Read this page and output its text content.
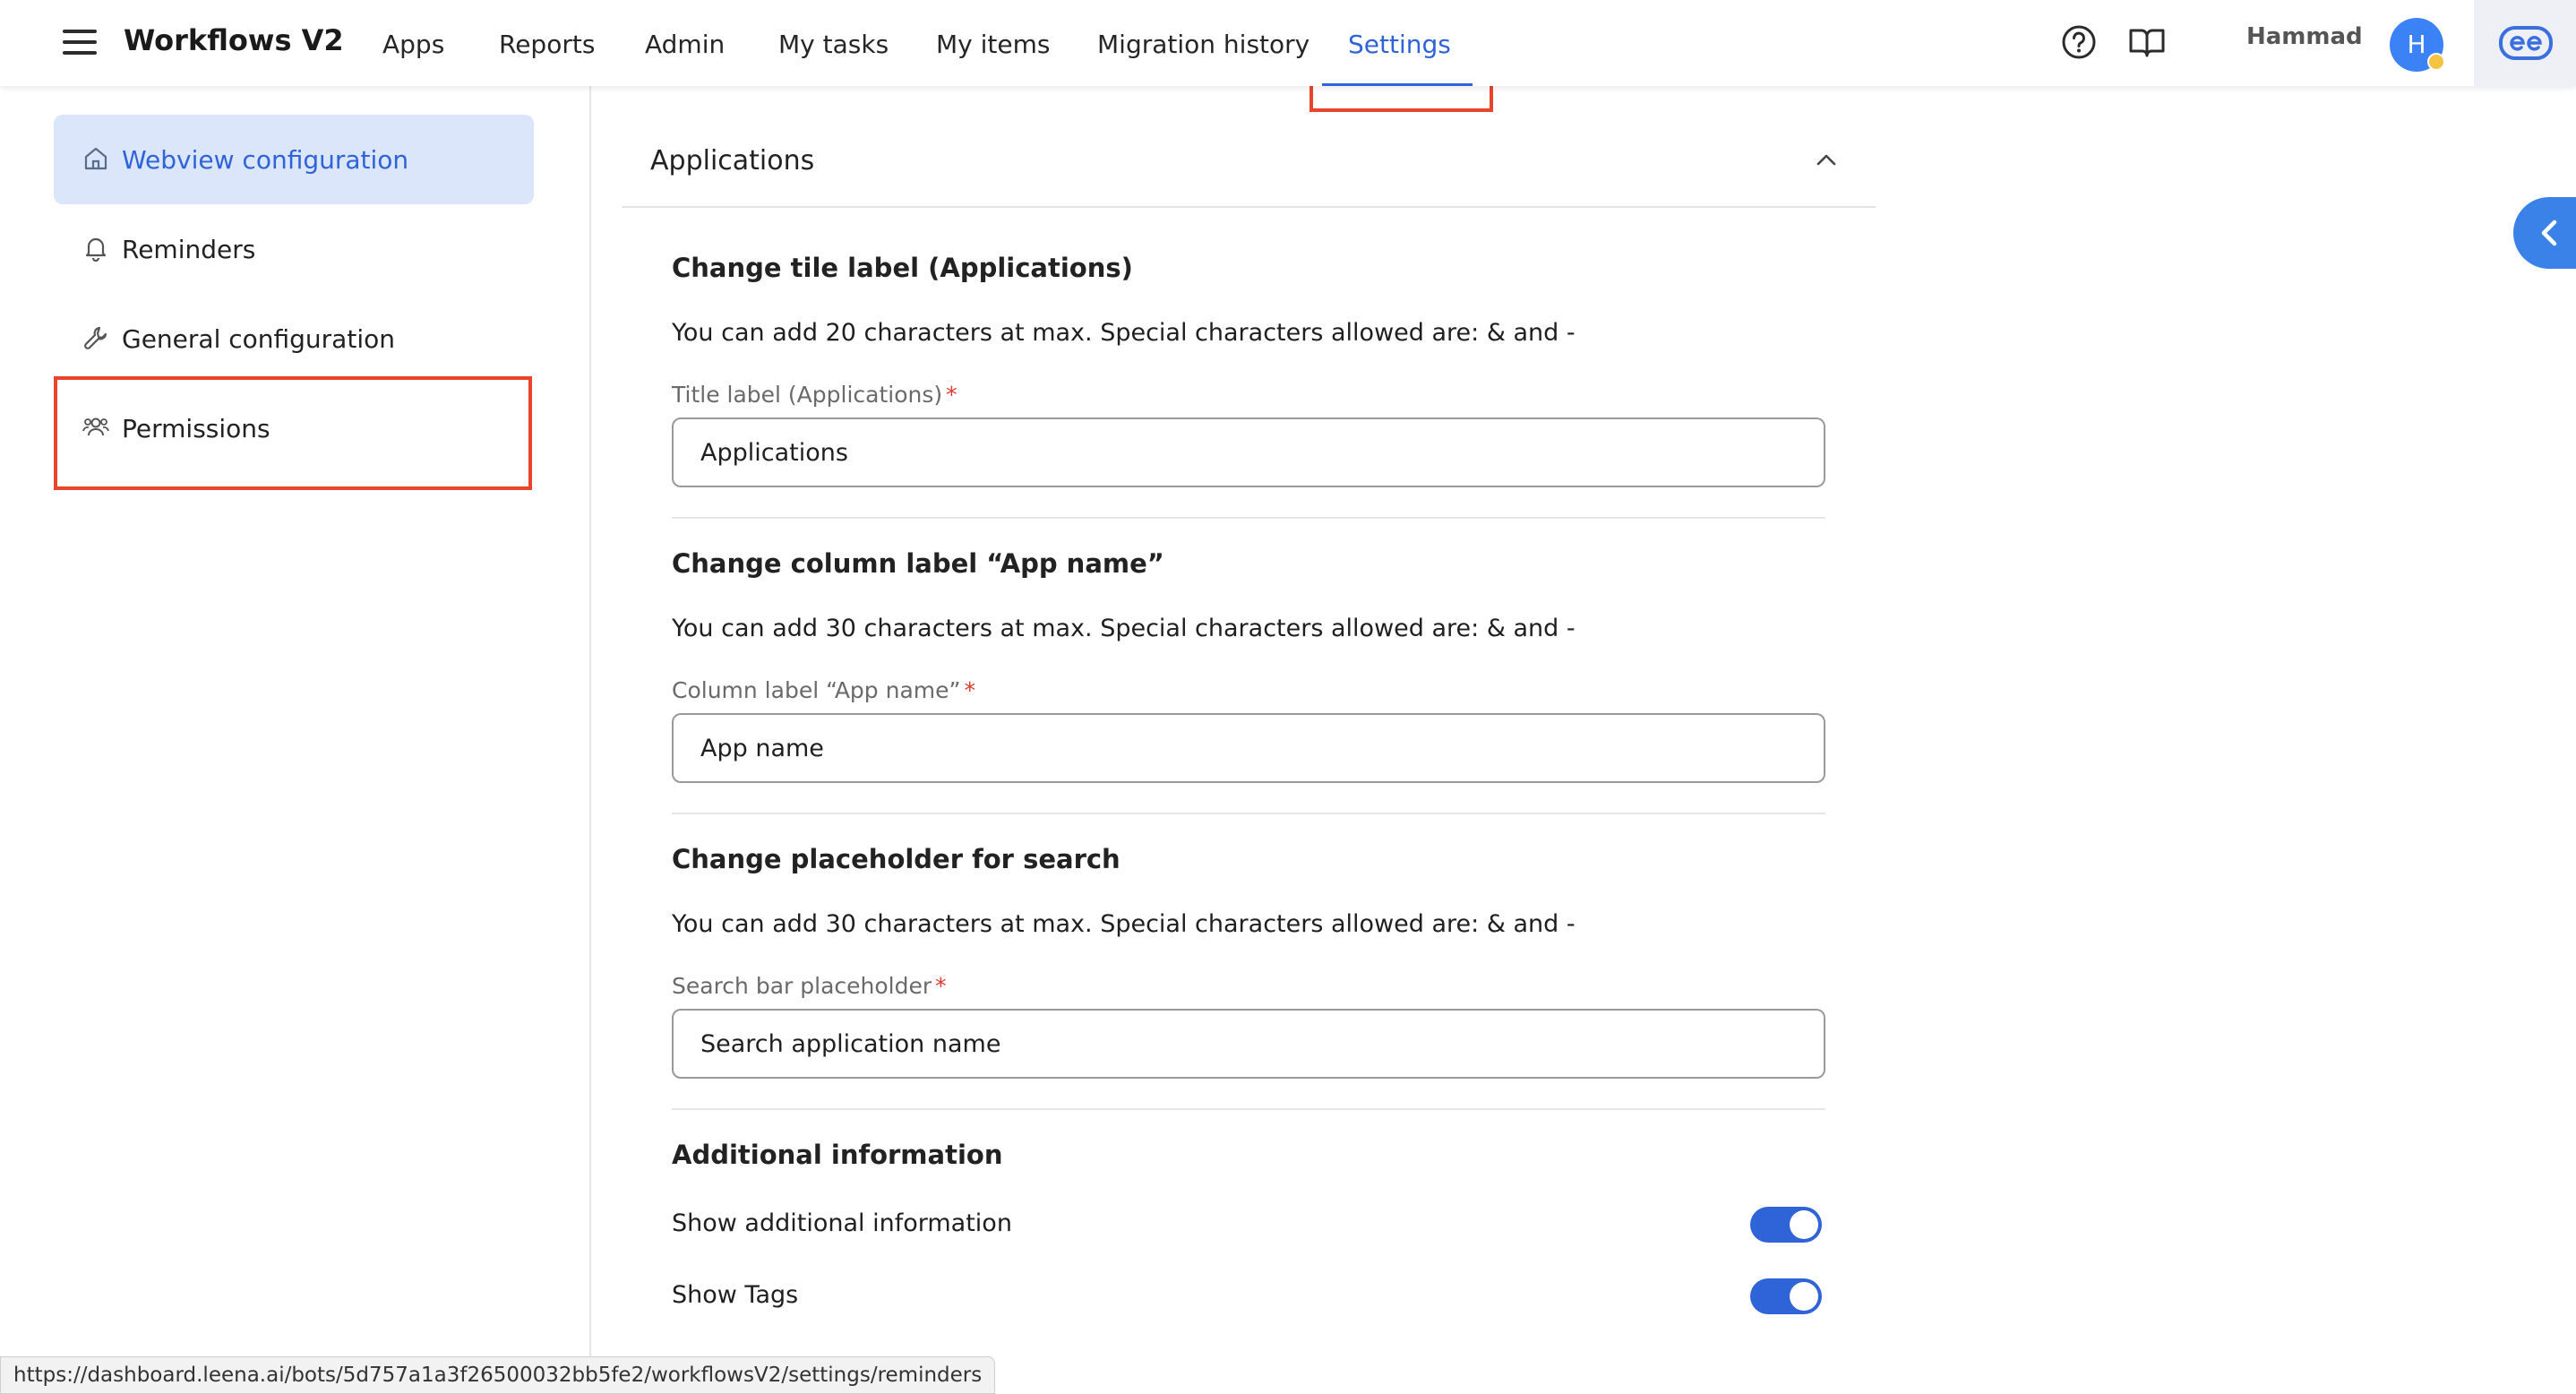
Workflows V2 Apps Reports Admin My tasks My items Migration history Settings	Hammad	H
Webview configuration
Reminders
General configuration
Permissions
Applications
Change tile label (Applications)
You can add 20 characters at max. Special characters allowed are: & and -
Title label (Applications) *
Applications
Change column label “App name”
You can add 30 characters at max. Special characters allowed are: & and -
Column label “App name” *
App name
Change placeholder for search
You can add 30 characters at max. Special characters allowed are: & and -
Search bar placeholder *
Search application name
Additional information
Show additional information
Show Tags
https://dashboard.leena.ai/bots/5d757a1a3f26500032bb5fe2/workflowsV2/settings/reminders
